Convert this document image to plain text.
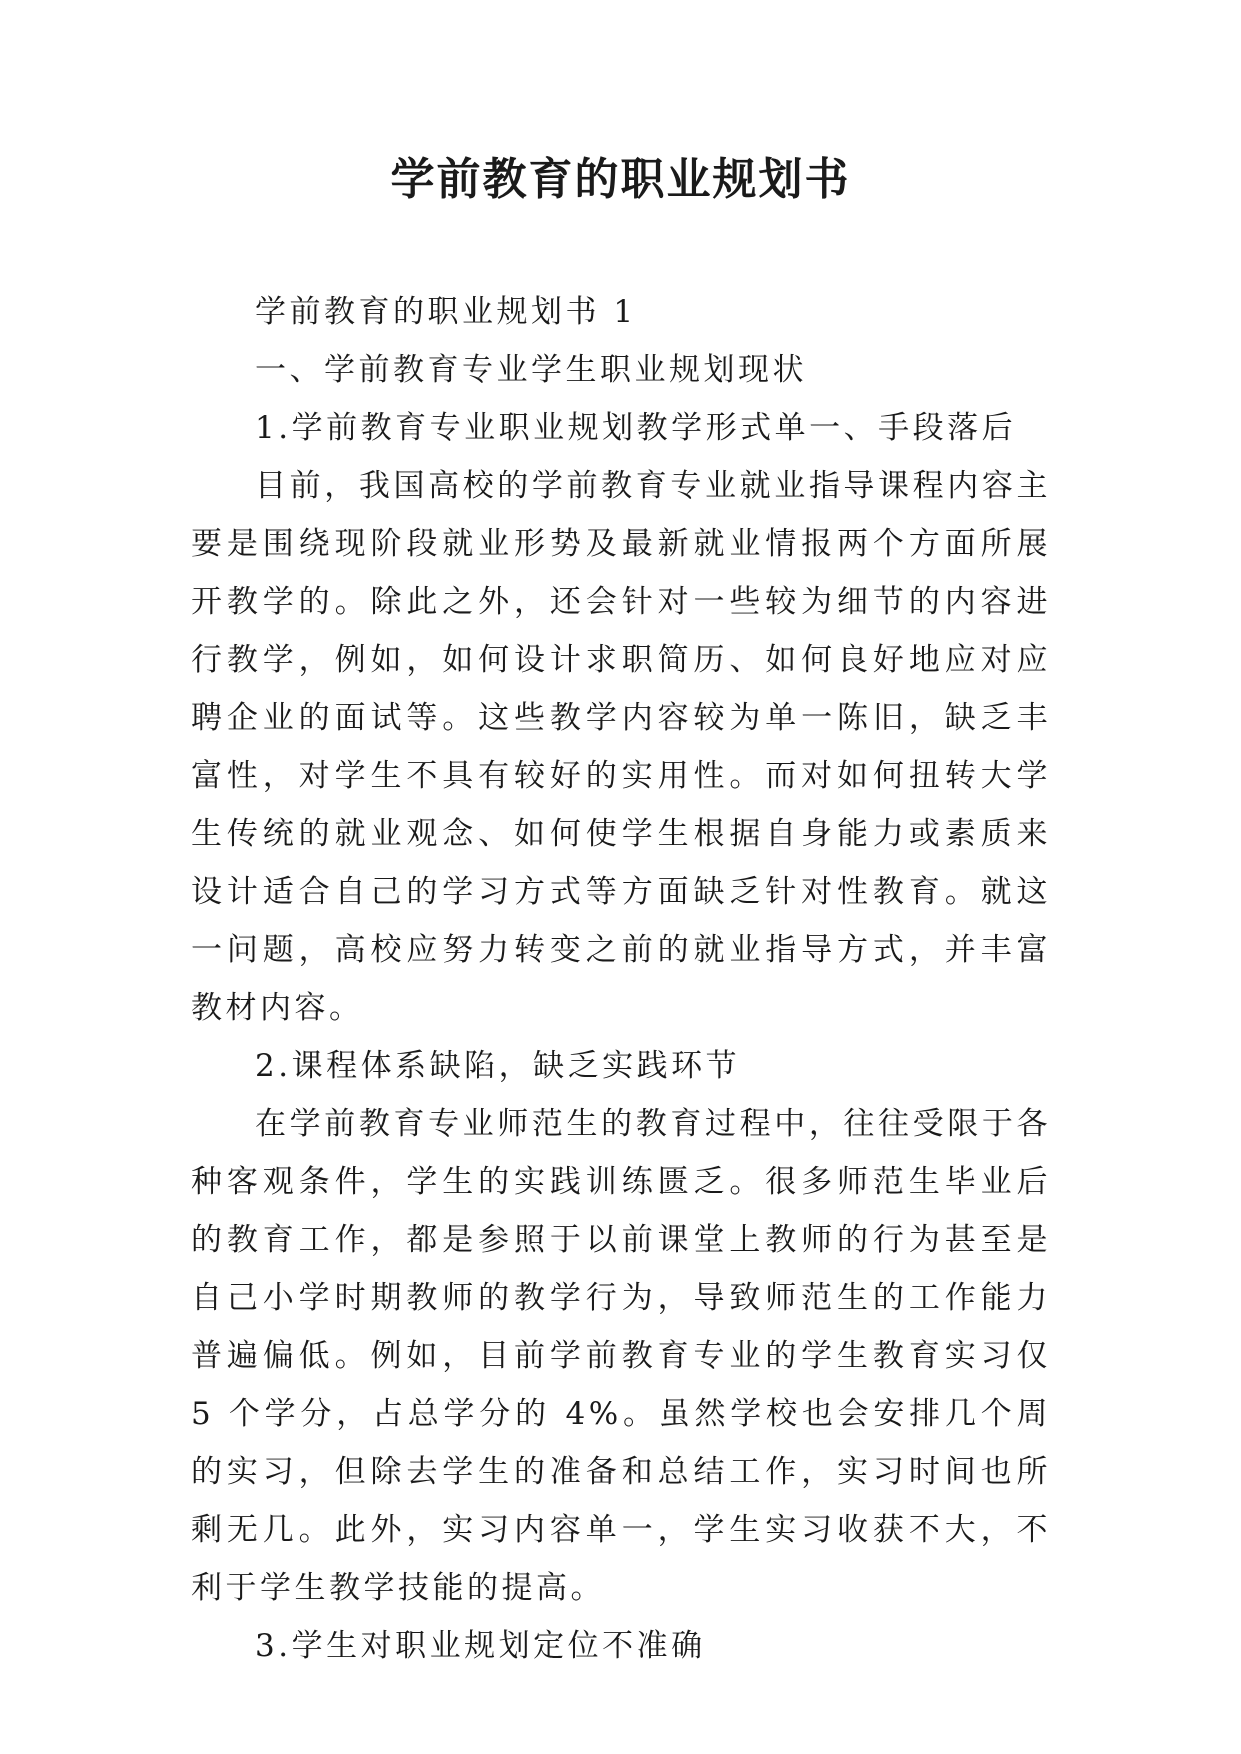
学前教育的职业规划书

学前教育的职业规划书 1

一、学前教育专业学生职业规划现状

1.学前教育专业职业规划教学形式单一、手段落后

目前，我国高校的学前教育专业就业指导课程内容主要是围绕现阶段就业形势及最新就业情报两个方面所展开教学的。除此之外，还会针对一些较为细节的内容进行教学，例如，如何设计求职简历、如何良好地应对应聘企业的面试等。这些教学内容较为单一陈旧，缺乏丰富性，对学生不具有较好的实用性。而对如何扭转大学生传统的就业观念、如何使学生根据自身能力或素质来设计适合自己的学习方式等方面缺乏针对性教育。就这一问题，高校应努力转变之前的就业指导方式，并丰富教材内容。

2.课程体系缺陷，缺乏实践环节

在学前教育专业师范生的教育过程中，往往受限于各种客观条件，学生的实践训练匮乏。很多师范生毕业后的教育工作，都是参照于以前课堂上教师的行为甚至是自己小学时期教师的教学行为，导致师范生的工作能力普遍偏低。例如，目前学前教育专业的学生教育实习仅 5 个学分，占总学分的 4%。虽然学校也会安排几个周的实习，但除去学生的准备和总结工作，实习时间也所剩无几。此外，实习内容单一，学生实习收获不大，不利于学生教学技能的提高。

3.学生对职业规划定位不准确
